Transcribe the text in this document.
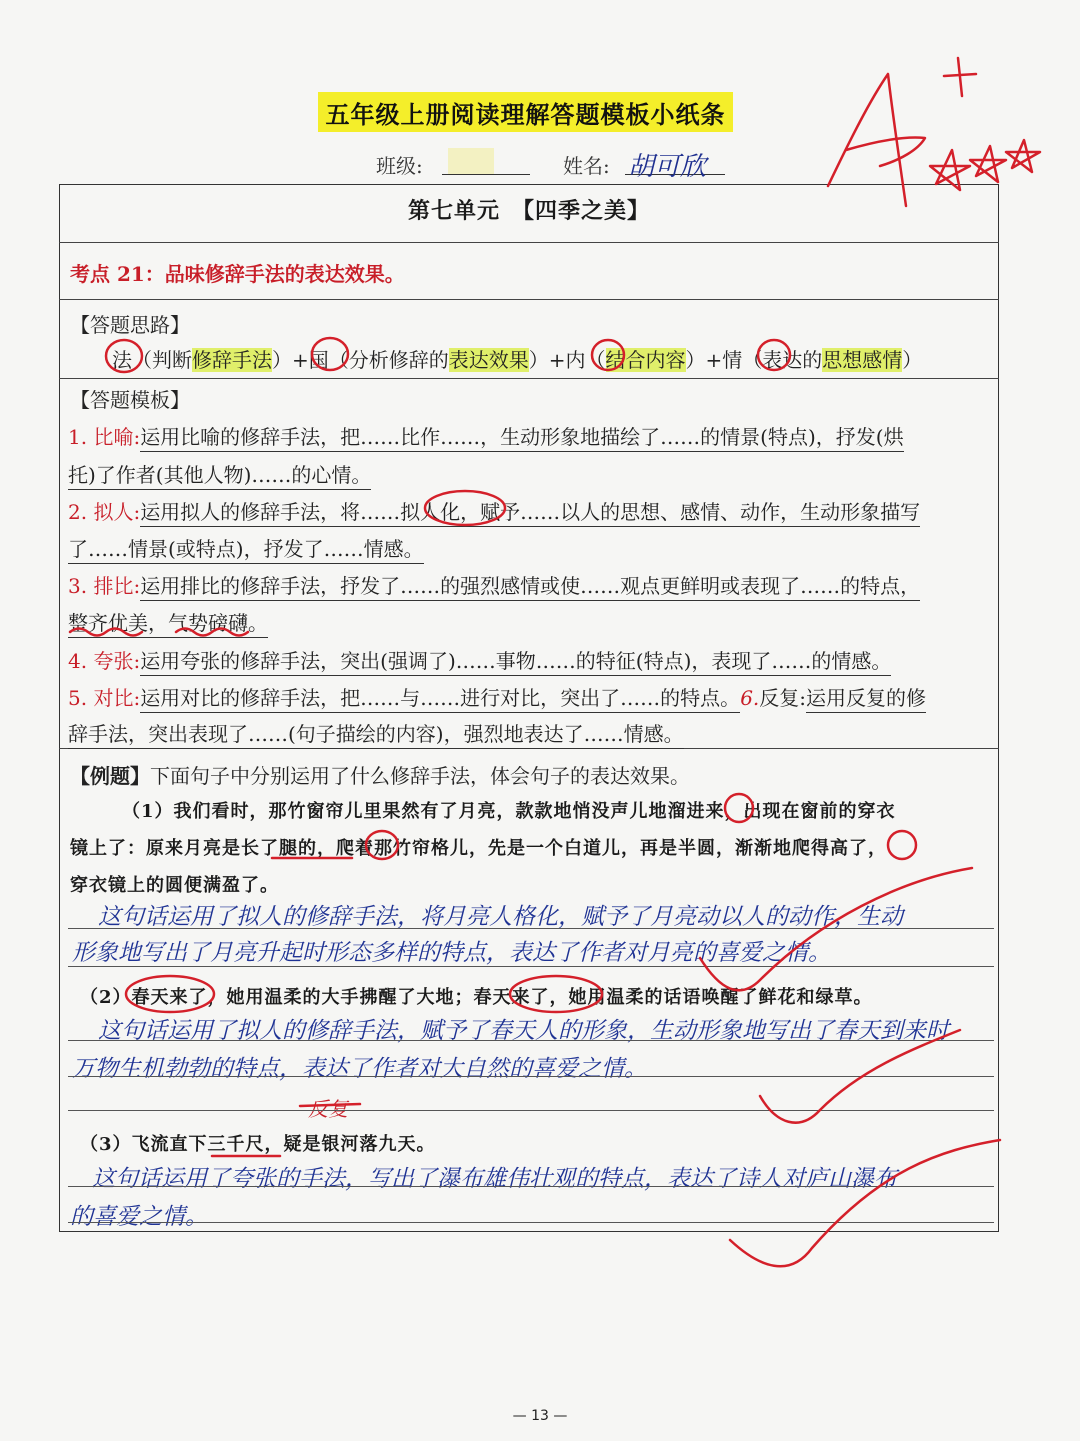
五年级上册阅读理解答题模板小纸条
班级:	姓名: 胡可欣
第七单元　【四季之美】
考点 21：品味修辞手法的表达效果。
【答题思路】
法（判断修辞手法）+国（分析修辞的表达效果）+内（结合内容）+情（表达的思想感情）
【答题模板】
1. 比喻:运用比喻的修辞手法，把……比作……，生动形象地描绘了……的情景(特点)，抒发(烘
托)了作者(其他人物)……的心情。
2. 拟人:运用拟人的修辞手法，将……拟人化，赋予……以人的思想、感情、动作，生动形象描写
了……情景(或特点)，抒发了……情感。
3. 排比:运用排比的修辞手法，抒发了……的强烈感情或使……观点更鲜明或表现了……的特点，
整齐优美，气势磅礴。
4. 夸张:运用夸张的修辞手法，突出(强调了)……事物……的特征(特点)，表现了……的情感。
5. 对比:运用对比的修辞手法，把……与……进行对比，突出了……的特点。6.反复:运用反复的修
辞手法，突出表现了……(句子描绘的内容)，强烈地表达了……情感。
【例题】下面句子中分别运用了什么修辞手法，体会句子的表达效果。
（1）我们看时，那竹窗帘儿里果然有了月亮，款款地悄没声儿地溜进来，出现在窗前的穿衣
镜上了：原来月亮是长了腿的，爬着那竹帘格儿，先是一个白道儿，再是半圆，渐渐地爬得高了，
穿衣镜上的圆便满盈了。
这句话运用了拟人的修辞手法，将月亮人格化，赋予了月亮动以人的动作，生动
形象地写出了月亮升起时形态多样的特点，表达了作者对月亮的喜爱之情。
（2）春天来了，她用温柔的大手拂醒了大地；春天来了，她用温柔的话语唤醒了鲜花和绿草。
这句话运用了拟人的修辞手法，赋予了春天人的形象，生动形象地写出了春天到来时
万物生机勃勃的特点，表达了作者对大自然的喜爱之情。
反复
（3）飞流直下三千尺，疑是银河落九天。
这句话运用了夸张的手法，写出了瀑布雄伟壮观的特点，表达了诗人对庐山瀑布
的喜爱之情。
— 13 —
